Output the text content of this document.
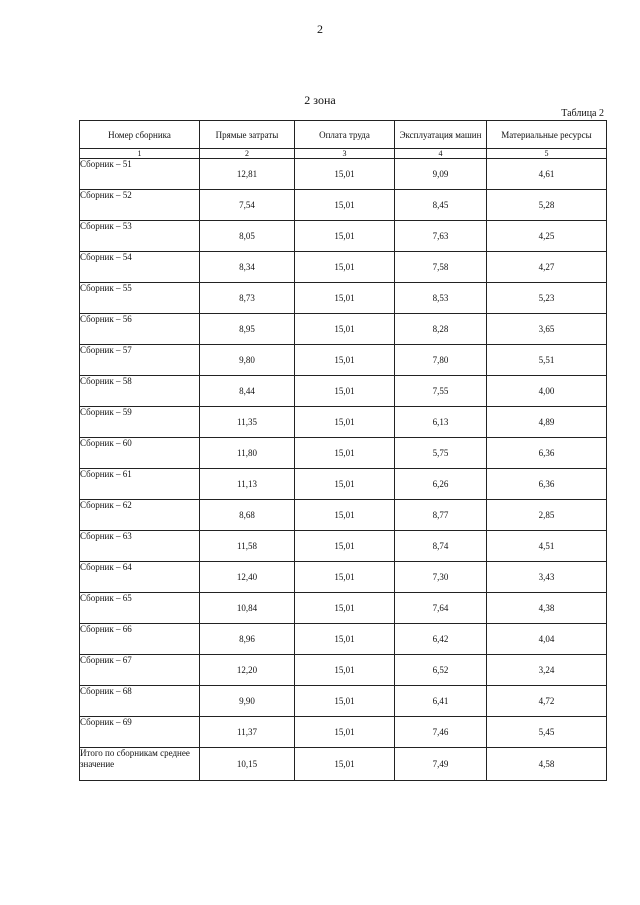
2
2 зона
Таблица 2
Номер сборника	Прямые затраты	Оплата труда	Эксплуатация машин	Материальные ресурсы
1	2	3	4	5
Сборник – 51	12,81	15,01	9,09	4,61
Сборник – 52	7,54	15,01	8,45	5,28
Сборник – 53	8,05	15,01	7,63	4,25
Сборник – 54	8,34	15,01	7,58	4,27
Сборник – 55	8,73	15,01	8,53	5,23
Сборник – 56	8,95	15,01	8,28	3,65
Сборник – 57	9,80	15,01	7,80	5,51
Сборник – 58	8,44	15,01	7,55	4,00
Сборник – 59	11,35	15,01	6,13	4,89
Сборник – 60	11,80	15,01	5,75	6,36
Сборник – 61	11,13	15,01	6,26	6,36
Сборник – 62	8,68	15,01	8,77	2,85
Сборник – 63	11,58	15,01	8,74	4,51
Сборник – 64	12,40	15,01	7,30	3,43
Сборник – 65	10,84	15,01	7,64	4,38
Сборник – 66	8,96	15,01	6,42	4,04
Сборник – 67	12,20	15,01	6,52	3,24
Сборник – 68	9,90	15,01	6,41	4,72
Сборник – 69	11,37	15,01	7,46	5,45
Итого по сборникам среднее значение	10,15	15,01	7,49	4,58
